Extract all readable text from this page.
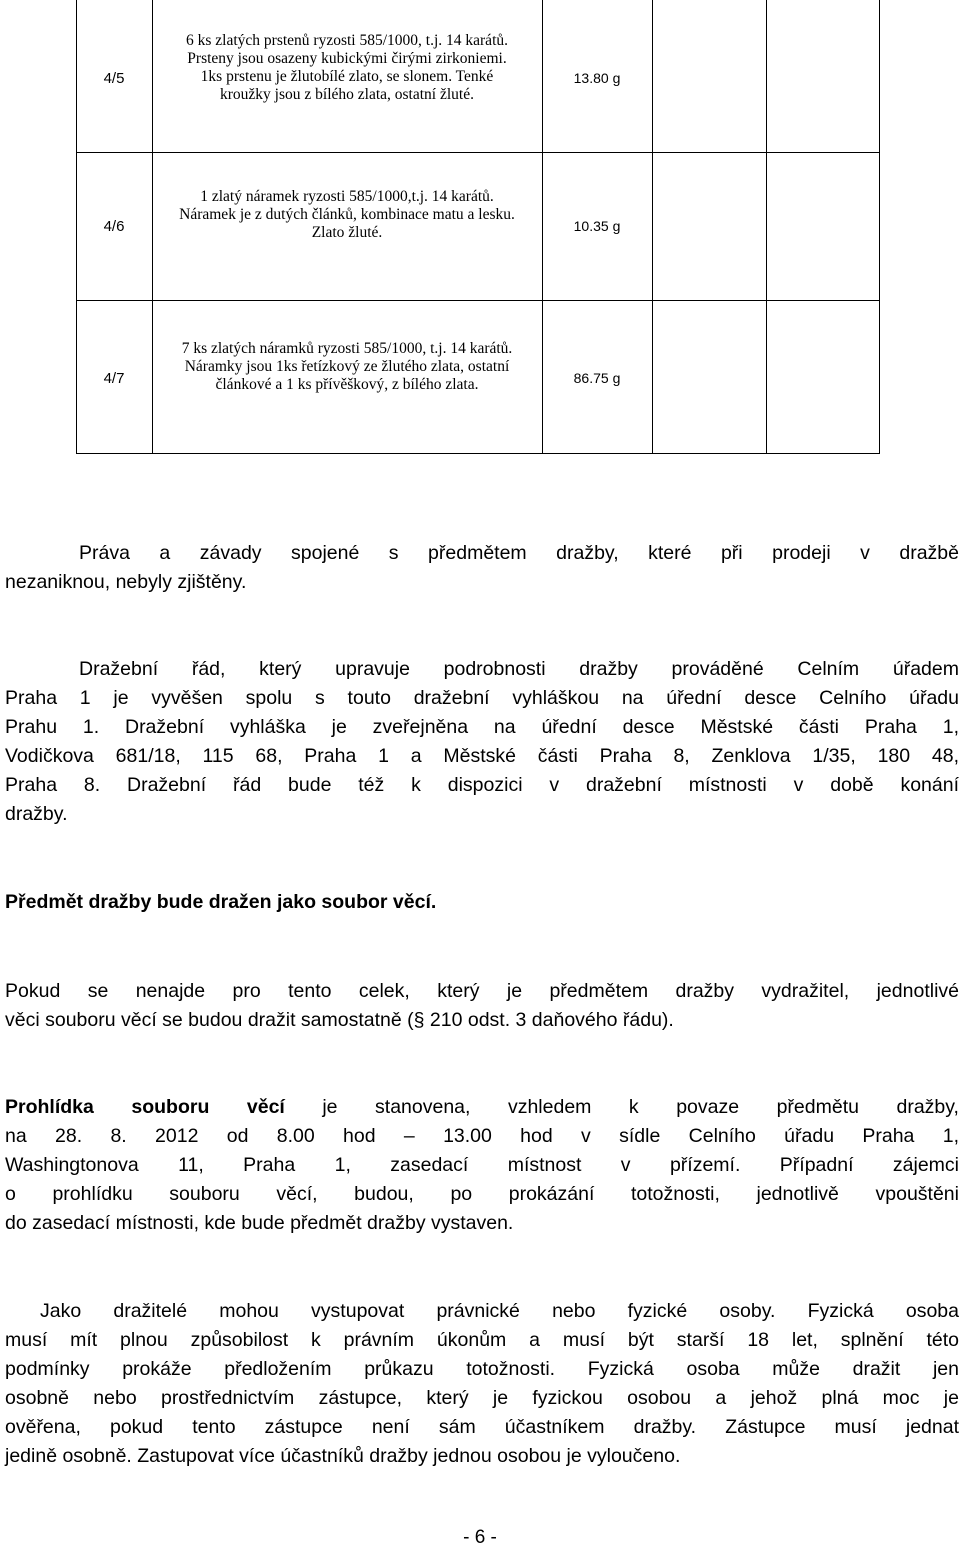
4/5
6 ks zlatých prstenů ryzosti 585/1000, t.j. 14 karátů.
Prsteny jsou osazeny kubickými čirými zirkoniemi.
1ks prstenu je žlutobílé zlato, se slonem. Tenké
kroužky jsou z bílého zlata, ostatní žluté.
13.80 g
4/6
1 zlatý náramek ryzosti 585/1000,t.j. 14 karátů.
Náramek je z dutých článků, kombinace matu a lesku.
Zlato žluté.	10.35 g
4/7
7 ks zlatých náramků ryzosti 585/1000, t.j. 14 karátů.
Náramky jsou 1ks řetízkový ze žlutého zlata, ostatní
článkové a 1 ks přívěškový, z bílého zlata.	86.75 g
Práva a závady spojené s předmětem dražby, které při prodeji v dražbě
nezaniknou, nebyly zjištěny.
Dražební řád, který upravuje podrobnosti dražby prováděné Celním úřadem
Praha 1 je vyvěšen spolu s touto dražební vyhláškou na úřední desce Celního úřadu
Prahu 1. Dražební vyhláška je zveřejněna na úřední desce Městské části Praha 1,
Vodičkova 681/18, 115 68, Praha 1 a Městské části Praha 8, Zenklova 1/35, 180 48,
Praha 8. Dražební řád bude též k dispozici v dražební místnosti v době konání
dražby.
Předmět dražby bude dražen jako soubor věcí.
Pokud se nenajde pro tento celek, který je předmětem dražby vydražitel, jednotlivé
věci souboru věcí se budou dražit samostatně (§ 210 odst. 3 daňového řádu).
Prohlídka souboru věcí je stanovena, vzhledem k povaze předmětu dražby,
na 28. 8. 2012 od 8.00 hod – 13.00 hod v sídle Celního úřadu Praha 1,
Washingtonova 11, Praha 1, zasedací místnost v přízemí. Případní zájemci
o prohlídku souboru věcí, budou, po prokázání totožnosti, jednotlivě vpouštěni
do zasedací místnosti, kde bude předmět dražby vystaven.
Jako dražitelé mohou vystupovat právnické nebo fyzické osoby. Fyzická osoba
musí mít plnou způsobilost k právním úkonům a musí být starší 18 let, splnění této
podmínky prokáže předložením průkazu totožnosti. Fyzická osoba může dražit jen
osobně nebo prostřednictvím zástupce, který je fyzickou osobou a jehož plná moc je
ověřena, pokud tento zástupce není sám účastníkem dražby. Zástupce musí jednat
jedině osobně. Zastupovat více účastníků dražby jednou osobou je vyloučeno.
- 6 -
